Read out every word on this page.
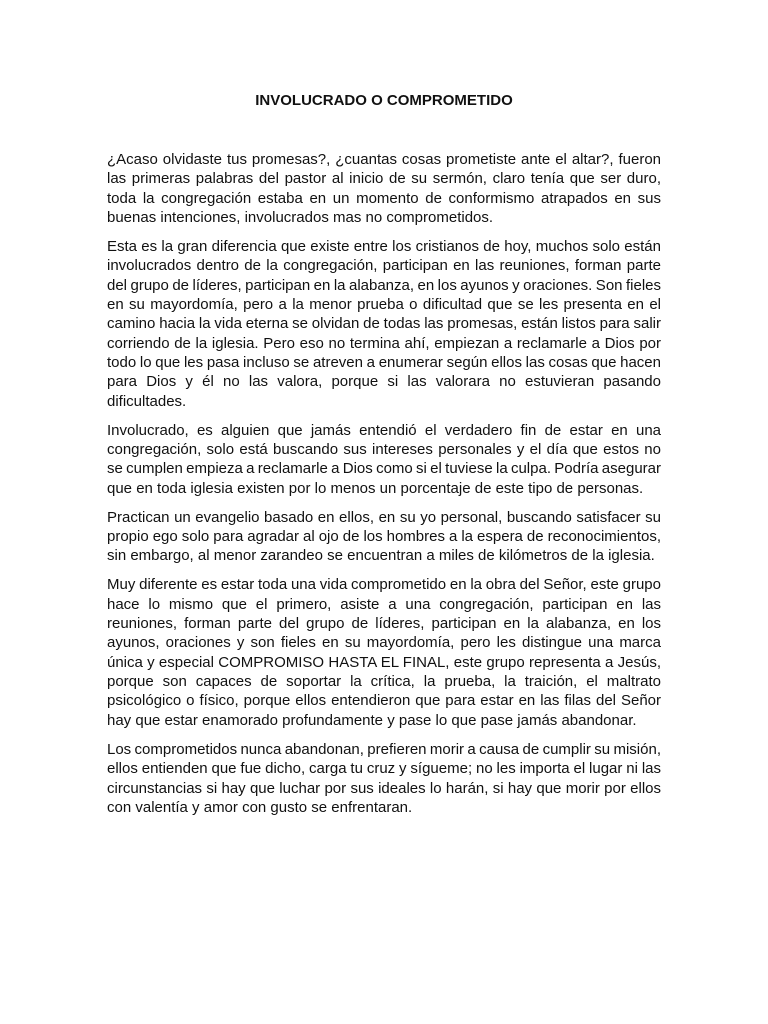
INVOLUCRADO O COMPROMETIDO

¿Acaso olvidaste tus promesas?, ¿cuantas cosas prometiste ante el altar?, fueron
las primeras palabras del pastor al inicio de su sermón, claro tenía que ser duro,
toda la congregación estaba en un momento de conformismo atrapados en sus
buenas intenciones, involucrados mas no comprometidos.

Esta es la gran diferencia que existe entre los cristianos de hoy, muchos solo están
involucrados dentro de la congregación, participan en las reuniones, forman parte
del grupo de líderes, participan en la alabanza, en los ayunos y oraciones. Son fieles
en su mayordomía, pero a la menor prueba o dificultad que se les presenta en el
camino hacia la vida eterna se olvidan de todas las promesas, están listos para salir
corriendo de la iglesia. Pero eso no termina ahí, empiezan a reclamarle a Dios por
todo lo que les pasa incluso se atreven a enumerar según ellos las cosas que hacen
para Dios y él no las valora, porque si las valorara no estuvieran pasando
dificultades.

Involucrado, es alguien que jamás entendió el verdadero fin de estar en una
congregación, solo está buscando sus intereses personales y el día que estos no
se cumplen empieza a reclamarle a Dios como si el tuviese la culpa. Podría asegurar
que en toda iglesia existen por lo menos un porcentaje de este tipo de personas.

Practican un evangelio basado en ellos, en su yo personal, buscando satisfacer su
propio ego solo para agradar al ojo de los hombres a la espera de reconocimientos,
sin embargo, al menor zarandeo se encuentran a miles de kilómetros de la iglesia.

Muy diferente es estar toda una vida comprometido en la obra del Señor, este grupo
hace lo mismo que el primero, asiste a una congregación, participan en las
reuniones, forman parte del grupo de líderes, participan en la alabanza, en los
ayunos, oraciones y son fieles en su mayordomía, pero les distingue una marca
única y especial COMPROMISO HASTA EL FINAL, este grupo representa a Jesús,
porque son capaces de soportar la crítica, la prueba, la traición, el maltrato
psicológico o físico, porque ellos entendieron que para estar en las filas del Señor
hay que estar enamorado profundamente y pase lo que pase jamás abandonar.

Los comprometidos nunca abandonan, prefieren morir a causa de cumplir su misión,
ellos entienden que fue dicho, carga tu cruz y sígueme; no les importa el lugar ni las
circunstancias si hay que luchar por sus ideales lo harán, si hay que morir por ellos
con valentía y amor con gusto se enfrentaran.
